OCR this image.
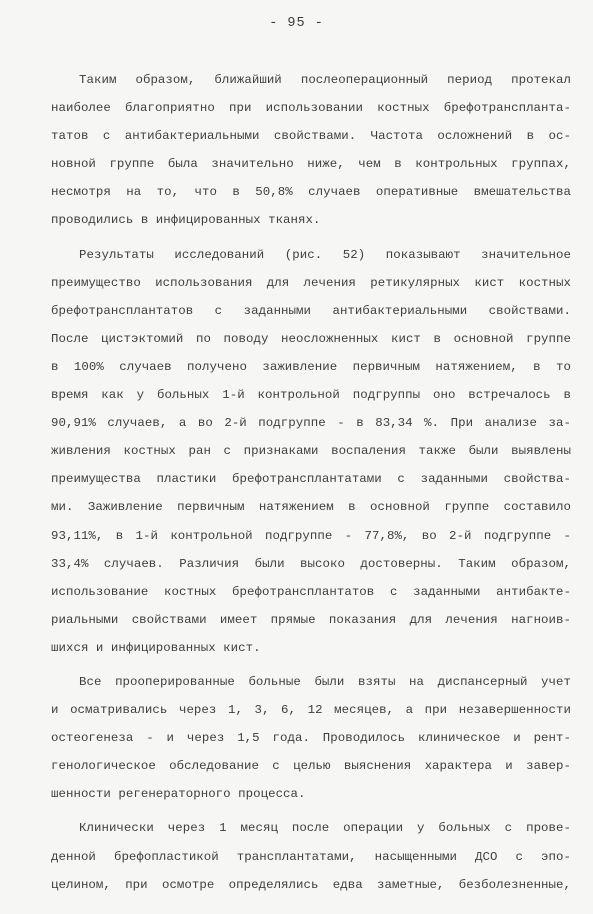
- 95 -
Таким образом, ближайший послеоперационный период протекал
наиболее благоприятно при использовании костных брефотранспланта-
татов с антибактериальными свойствами. Частота осложнений в ос-
новной группе была значительно ниже, чем в контрольных группах,
несмотря на то, что в 50,8% случаев оперативные вмешательства
проводились в инфицированных тканях.
Результаты исследований (рис. 52) показывают значительное
преимущество использования для лечения ретикулярных кист костных
брефотрансплантатов с заданными антибактериальными свойствами.
После цистэктомий по поводу неосложненных кист в основной группе
в 100% случаев получено заживление первичным натяжением, в то
время как у больных 1-й контрольной подгруппы оно встречалось в
90,91% случаев, а во 2-й подгруппе - в 83,34 %. При анализе за-
живления костных ран с признаками воспаления также были выявлены
преимущества пластики брефотрансплантатами с заданными свойства-
ми. Заживление первичным натяжением в основной группе составило
93,11%, в 1-й контрольной подгруппе - 77,8%, во 2-й подгруппе -
33,4% случаев. Различия были высоко достоверны. Таким образом,
использование костных брефотрансплантатов с заданными антибакте-
риальными свойствами имеет прямые показания для лечения нагноив-
шихся и инфицированных кист.
Все прооперированные больные были взяты на диспансерный учет
и осматривались через 1, 3, 6, 12 месяцев, а при незавершенности
остеогенеза - и через 1,5 года. Проводилось клиническое и рент-
генологическое обследование с целью выяснения характера и завер-
шенности регенераторного процесса.
Клинически через 1 месяц после операции у больных с прове-
денной брефопластикой трансплантатами, насыщенными ДСО с эпо-
целином, при осмотре определялись едва заметные, безболезненные,
